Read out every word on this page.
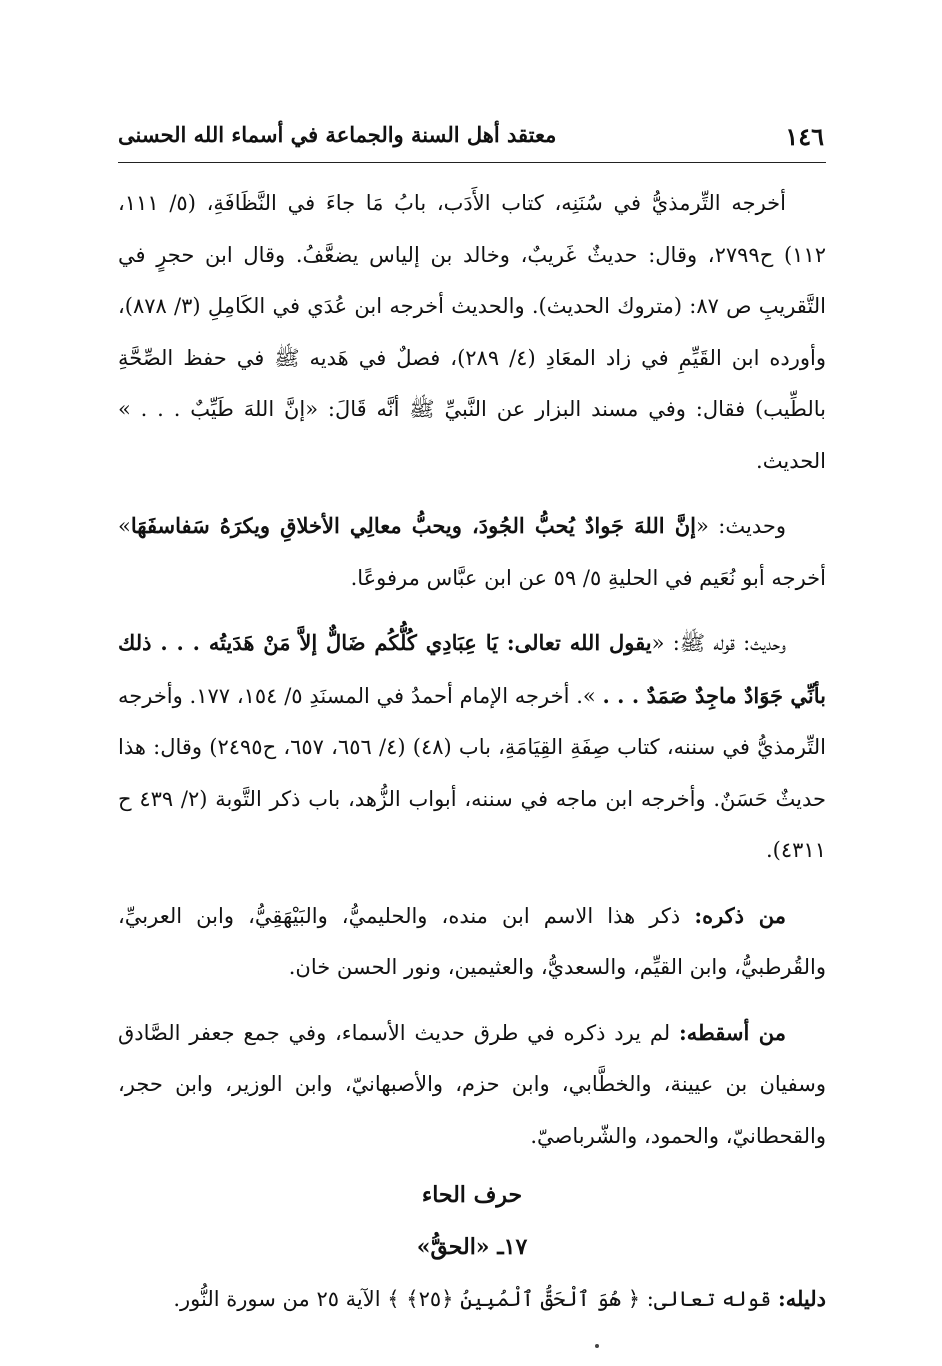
١٤٦
معتقد أهل السنة والجماعة في أسماء الله الحسنى

أخرجه التِّرمذيُّ في سُنَنِه، كتاب الأَدَب، بابُ مَا جاءَ في النَّظَافَةِ، (٥/ ١١١، ١١٢) ح٢٧٩٩، وقال: حديثٌ غَريبٌ، وخالد بن إلياس يضعَّفُ. وقال ابن حجرٍ في التَّقريبِ ص ٨٧: (متروك الحديث). والحديث أخرجه ابن عُدَي في الكَامِلِ (٣/ ٨٧٨)، وأورده ابن القَيِّمِ في زاد المعَادِ (٤/ ٢٨٩)، فصلٌ في هَديه ﷺ في حفظ الصِّحَّةِ بالطِّيب) فقال: وفي مسند البزار عن النَّبيِّ ﷺ أنَّه قَالَ: «إنَّ اللهَ طَيِّبٌ . . . » الحديث.

وحديث: «إنَّ اللهَ جَوادٌ يُحبُّ الجُودَ، ويحبُّ معالِي الأخلاقِ ويكرَهُ سَفاسفَهَا» أخرجه أبو نُعَيم في الحليةِ ٥/ ٥٩ عن ابن عبَّاس مرفوعًا.

وحديث: قوله ﷺ: «يقول الله تعالى: يَا عِبَادِي كُلُّكُم ضَالٌّ إلاَّ مَنْ هَدَيتُه . . . ذلك بأنِّي جَوَادٌ ماجِدٌ صَمَدٌ . . . ». أخرجه الإمام أحمدُ في المسنَدِ ٥/ ١٥٤، ١٧٧. وأخرجه التِّرمذيُّ في سننه، كتاب صِفَةِ القِيَامَةِ، باب (٤٨) (٤/ ٦٥٦، ٦٥٧، ح٢٤٩٥) وقال: هذا حديثٌ حَسَنٌ. وأخرجه ابن ماجه في سننه، أبواب الزُّهد، باب ذكر التَّوبة (٢/ ٤٣٩ ح ٤٣١١).

من ذكره: ذكر هذا الاسم ابن منده، والحليميُّ، والبَيْهَقِيُّ، وابن العربيِّ، والقُرطبيُّ، وابن القيِّم، والسعديُّ، والعثيمين، ونور الحسن خان.

من أسقطه: لم يرد ذكره في طرق حديث الأسماء، وفي جمع جعفر الصَّادق وسفيان بن عيينة، والخطَّابي، وابن حزم، والأصبهانيّ، وابن الوزير، وابن حجر، والقحطانيّ، والحمود، والشّرباصيّ.

حرف الحاء

١٧ـ «الحقُّ»

دليله: قوله تعالى: ﴿ هُوَ ٱلْحَقُّ ٱلْمُبِينُ ﴿٢٥﴾ ﴾ الآية ٢٥ من سورة النُّور.
